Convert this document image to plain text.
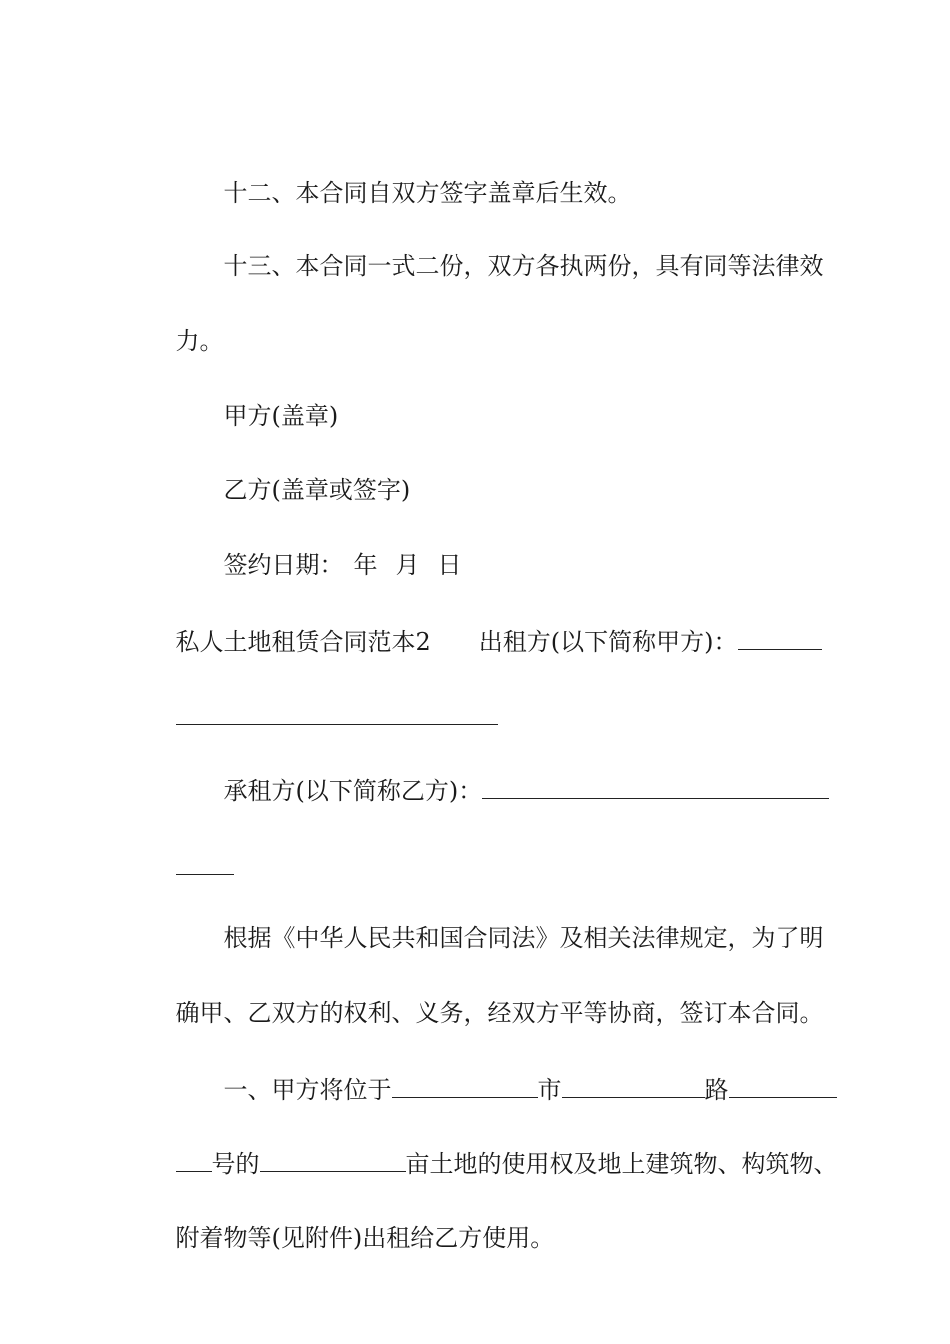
十二、本合同自双方签字盖章后生效。

十三、本合同一式二份，双方各执两份，具有同等法律效

力。

甲方(盖章)

乙方(盖章或签字)

签约日期： 年 月 日

私人土地租赁合同范本2 出租方(以下简称甲方)：

承租方(以下简称乙方)：

根据《中华人民共和国合同法》及相关法律规定，为了明

确甲、乙双方的权利、义务，经双方平等协商，签订本合同。

一、甲方将位于	市	路

号的	亩土地的使用权及地上建筑物、构筑物、

附着物等(见附件)出租给乙方使用。
